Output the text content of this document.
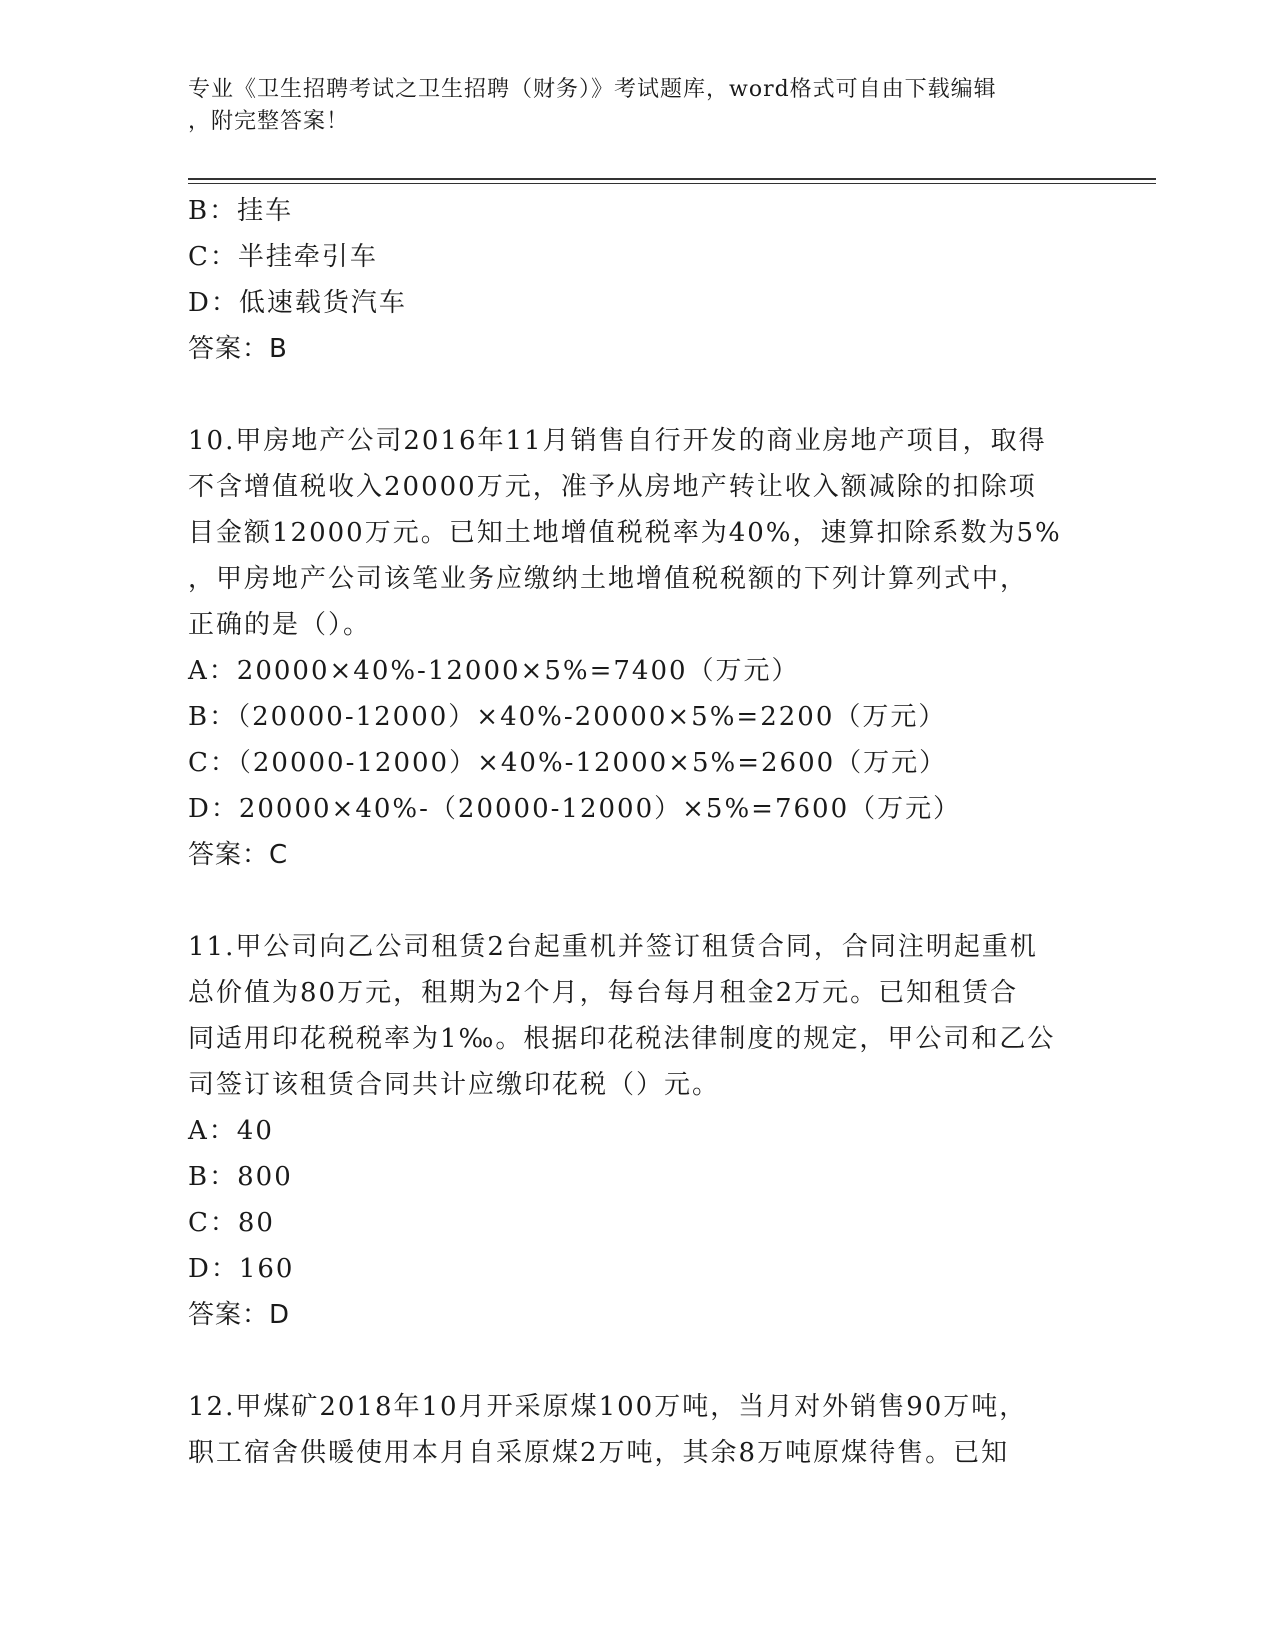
专业《卫生招聘考试之卫生招聘（财务）》考试题库，word格式可自由下载编辑
，附完整答案！
B：挂车
C：半挂牵引车
D：低速载货汽车
答案：B
10.甲房地产公司2016年11月销售自行开发的商业房地产项目，取得
不含增值税收入20000万元，准予从房地产转让收入额减除的扣除项
目金额12000万元。已知土地增值税税率为40%，速算扣除系数为5%
，甲房地产公司该笔业务应缴纳土地增值税税额的下列计算列式中，
正确的是（）。
A：20000×40%-12000×5%=7400（万元）
B：（20000-12000）×40%-20000×5%=2200（万元）
C：（20000-12000）×40%-12000×5%=2600（万元）
D：20000×40%-（20000-12000）×5%=7600（万元）
答案：C
11.甲公司向乙公司租赁2台起重机并签订租赁合同，合同注明起重机
总价值为80万元，租期为2个月，每台每月租金2万元。已知租赁合
同适用印花税税率为1‰。根据印花税法律制度的规定，甲公司和乙公
司签订该租赁合同共计应缴印花税（）元。
A：40
B：800
C：80
D：160
答案：D
12.甲煤矿2018年10月开采原煤100万吨，当月对外销售90万吨，
职工宿舍供暖使用本月自采原煤2万吨，其余8万吨原煤待售。已知
